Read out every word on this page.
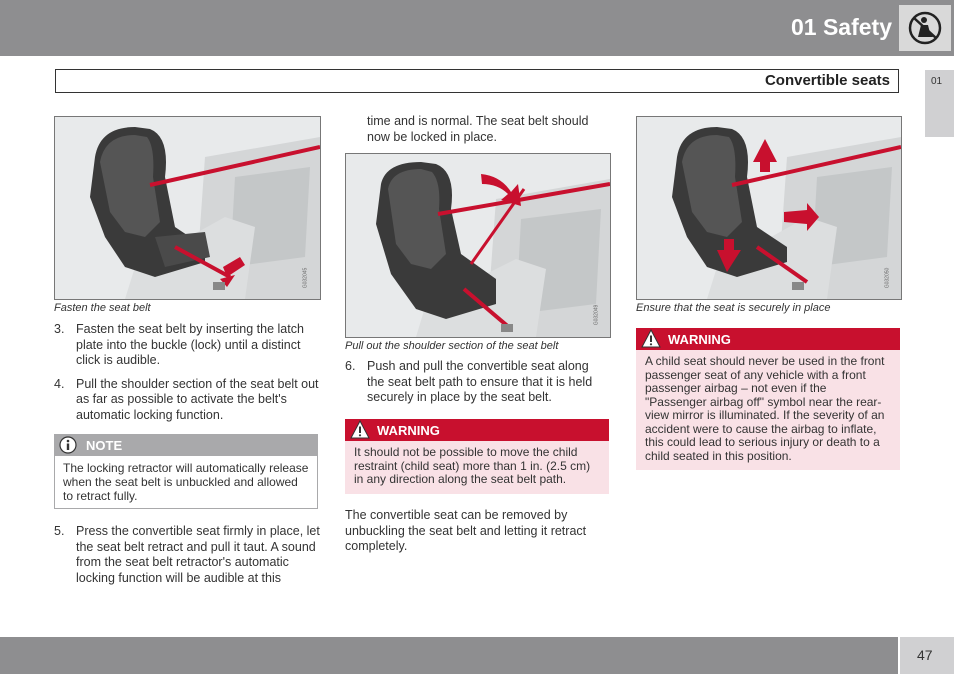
01 Safety
Convertible seats	01
G032045
Fasten the seat belt
3. Fasten the seat belt by inserting the latch plate into the buckle (lock) until a distinct click is audible.
4. Pull the shoulder section of the seat belt out as far as possible to activate the belt's automatic locking function.
NOTE
The locking retractor will automatically release when the seat belt is unbuckled and allowed to retract fully.
5. Press the convertible seat firmly in place, let the seat belt retract and pull it taut. A sound from the seat belt retractor's automatic locking function will be audible at this
time and is normal. The seat belt should now be locked in place.
G032049
Pull out the shoulder section of the seat belt
6. Push and pull the convertible seat along the seat belt path to ensure that it is held securely in place by the seat belt.
WARNING
It should not be possible to move the child restraint (child seat) more than 1 in. (2.5 cm) in any direction along the seat belt path.
The convertible seat can be removed by unbuckling the seat belt and letting it retract completely.
G032050
Ensure that the seat is securely in place
WARNING
A child seat should never be used in the front passenger seat of any vehicle with a front passenger airbag – not even if the "Passenger airbag off" symbol near the rear-view mirror is illuminated. If the severity of an accident were to cause the airbag to inflate, this could lead to serious injury or death to a child seated in this position.
47
